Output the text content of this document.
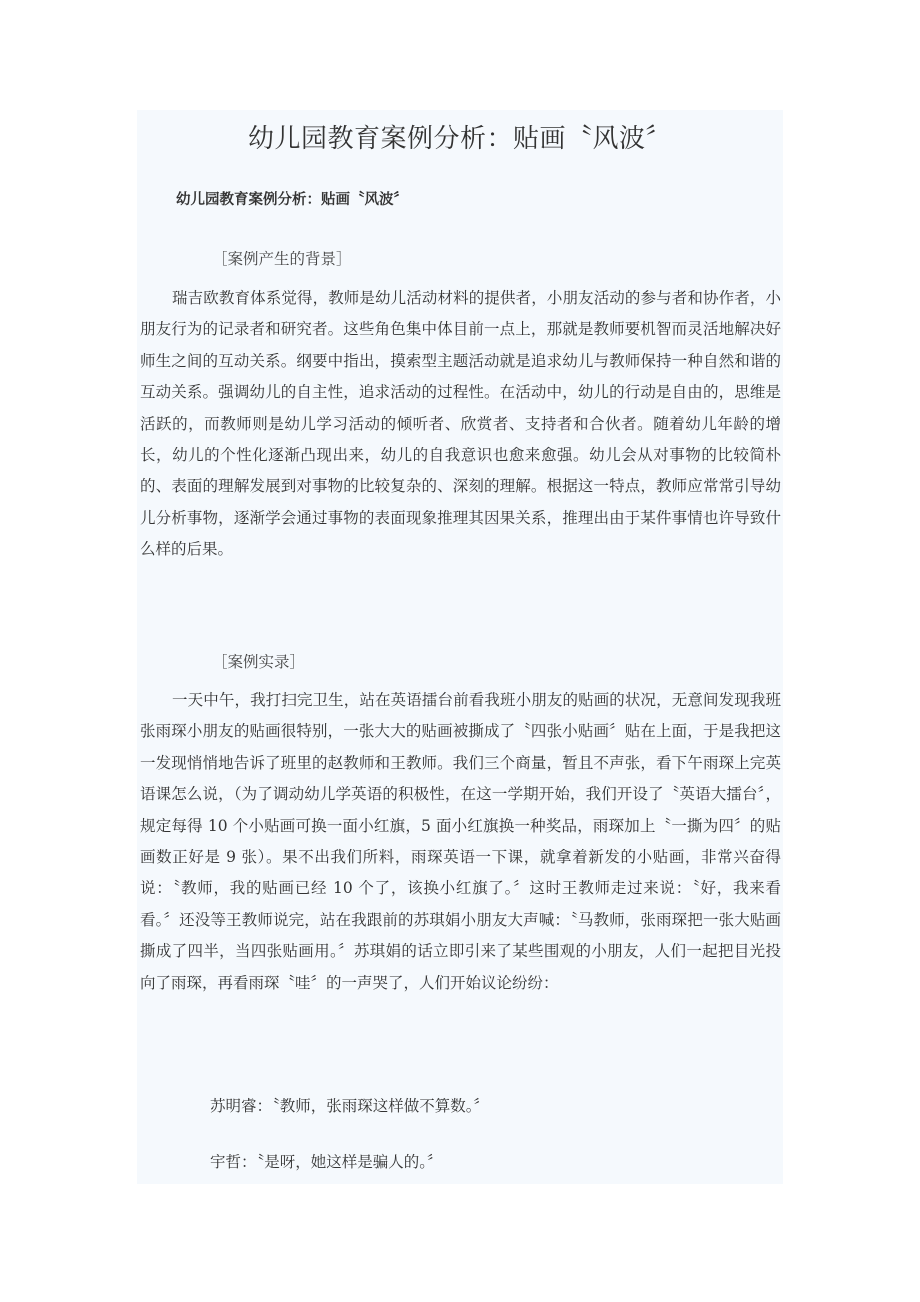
幼儿园教育案例分析：贴画〝风波〞
幼儿园教育案例分析：贴画〝风波〞
［案例产生的背景］
瑞吉欧教育体系觉得，教师是幼儿活动材料的提供者，小朋友活动的参与者和协作者，小朋友行为的记录者和研究者。这些角色集中体目前一点上，那就是教师要机智而灵活地解决好师生之间的互动关系。纲要中指出，摸索型主题活动就是追求幼儿与教师保持一种自然和谐的互动关系。强调幼儿的自主性，追求活动的过程性。在活动中，幼儿的行动是自由的，思维是活跃的，而教师则是幼儿学习活动的倾听者、欣赏者、支持者和合伙者。随着幼儿年龄的增长，幼儿的个性化逐渐凸现出来，幼儿的自我意识也愈来愈强。幼儿会从对事物的比较简朴的、表面的理解发展到对事物的比较复杂的、深刻的理解。根据这一特点，教师应常常引导幼儿分析事物，逐渐学会通过事物的表面现象推理其因果关系，推理出由于某件事情也许导致什么样的后果。
［案例实录］
一天中午，我打扫完卫生，站在英语擂台前看我班小朋友的贴画的状况，无意间发现我班张雨琛小朋友的贴画很特别，一张大大的贴画被撕成了〝四张小贴画〞贴在上面，于是我把这一发现悄悄地告诉了班里的赵教师和王教师。我们三个商量，暂且不声张，看下午雨琛上完英语课怎么说，（为了调动幼儿学英语的积极性，在这一学期开始，我们开设了〝英语大擂台〞，规定每得 10 个小贴画可换一面小红旗，5 面小红旗换一种奖品，雨琛加上〝一撕为四〞的贴画数正好是 9 张）。果不出我们所料，雨琛英语一下课，就拿着新发的小贴画，非常兴奋得说：〝教师，我的贴画已经 10 个了，该换小红旗了。〞这时王教师走过来说：〝好，我来看看。〞还没等王教师说完，站在我跟前的苏琪娟小朋友大声喊：〝马教师，张雨琛把一张大贴画撕成了四半，当四张贴画用。〞苏琪娟的话立即引来了某些围观的小朋友，人们一起把目光投向了雨琛，再看雨琛〝哇〞的一声哭了，人们开始议论纷纷：
苏明睿：〝教师，张雨琛这样做不算数。〞
宇哲：〝是呀，她这样是骗人的。〞
